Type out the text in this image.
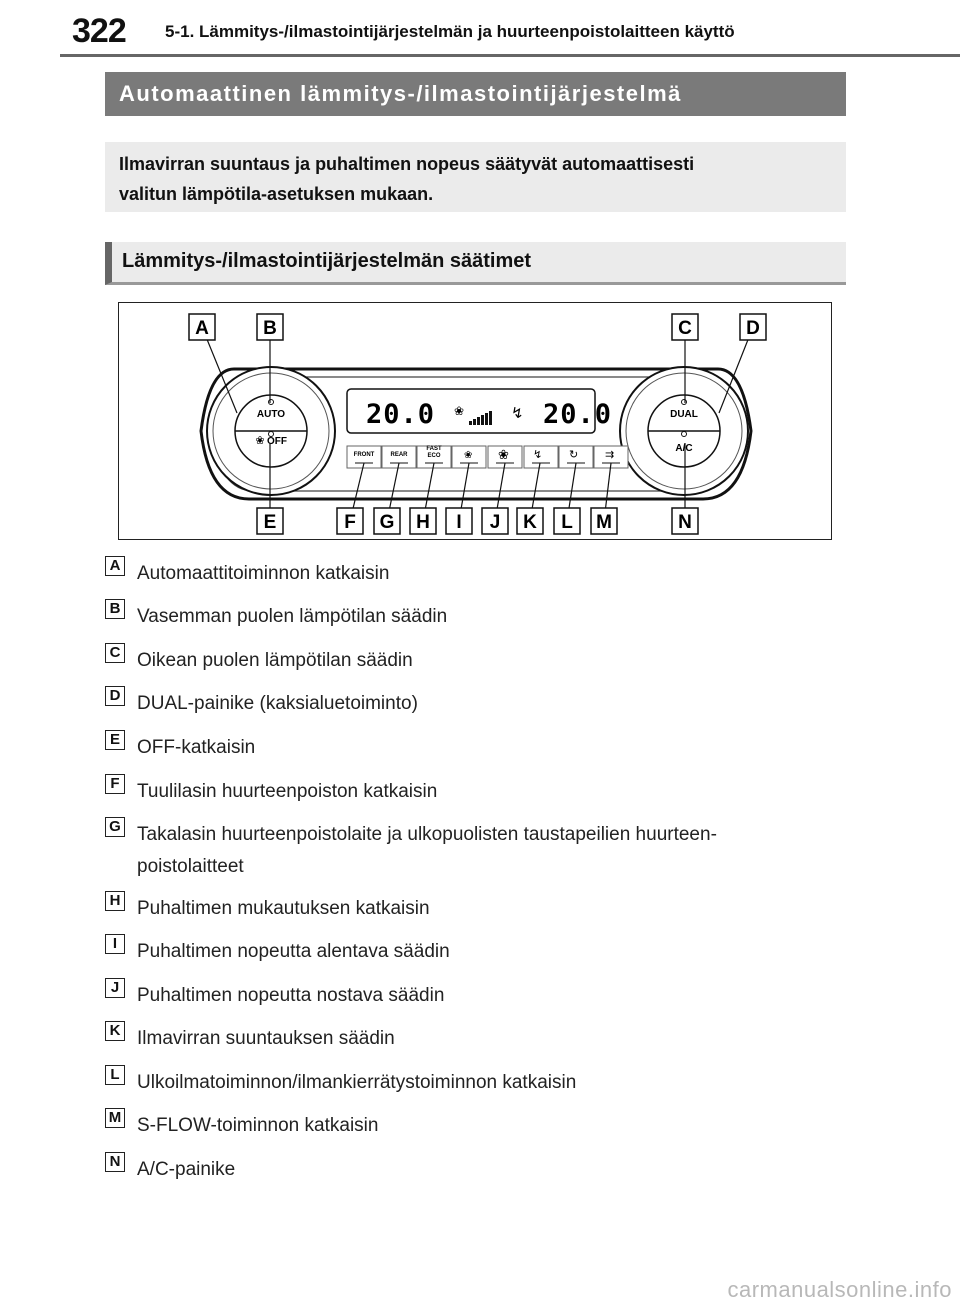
322 5-1. Lämmitys-/ilmastointijärjestelmän ja huurteenpoistolaitteen käyttö
Automaattinen lämmitys-/ilmastointijärjestelmä
Ilmavirran suuntaus ja puhaltimen nopeus säätyvät automaattisesti
valitun lämpötila-asetuksen mukaan.
Lämmitys-/ilmastointijärjestelmän säätimet
AUTO
OFF
DUAL
A/C
❀
20.0	20.0
❀	↯
FRONT	REAR
FAST
ECO ❀ ❀ ↯ ↻ ⇉
A	B	C	D
E	F G H I J K L M	N
A Automaattitoiminnon katkaisin
B Vasemman puolen lämpötilan säädin
C Oikean puolen lämpötilan säädin
D DUAL-painike (kaksialuetoiminto)
E OFF-katkaisin
F Tuulilasin huurteenpoiston katkaisin
G Takalasin huurteenpoistolaite ja ulkopuolisten taustapeilien huurteen-
poistolaitteet
H Puhaltimen mukautuksen katkaisin
I	Puhaltimen nopeutta alentava säädin
J Puhaltimen nopeutta nostava säädin
K Ilmavirran suuntauksen säädin
L Ulkoilmatoiminnon/ilmankierrätystoiminnon katkaisin
M S-FLOW-toiminnon katkaisin
N A/C-painike
carmanualsonline.info
